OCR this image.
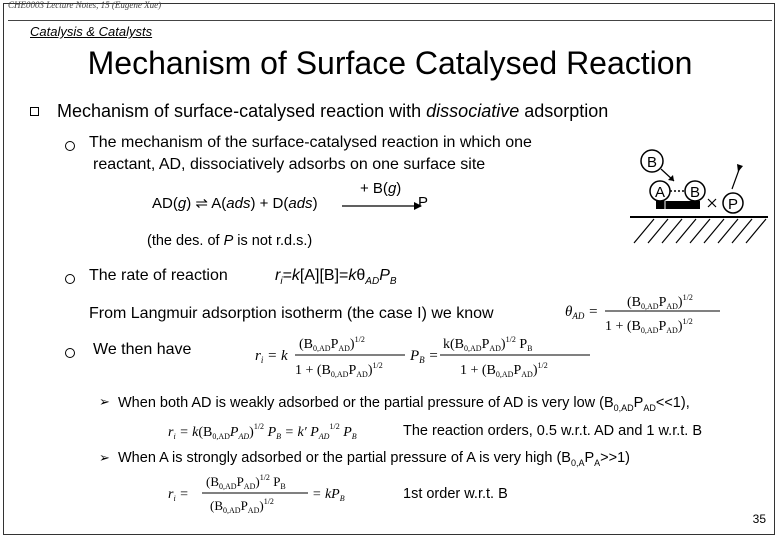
CHE0003 Lecture Notes, 15 (Eugene Xue)
Catalysis & Catalysts
Mechanism of Surface Catalysed Reaction
Mechanism of surface-catalysed reaction with dissociative adsorption
The mechanism of the surface-catalysed reaction in which one
reactant, AD, dissociatively adsorbs on one surface site
AD(g) ⇌ A(ads) + D(ads)
+ B(g)
P
(the des. of P is not r.d.s.)
B
A B
P
The rate of reaction	$r_i=k[A][B]=k\theta_{AD}P_B$
From Langmuir adsorption isotherm (the case I) we know	$\theta_{AD}$ =
$(B_{0,AD}P_{AD})^{1/2}$
$1 + (B_{0,AD}P_{AD})^{1/2}$
We then have	$r_i = k$
$(B_{0,AD}P_{AD})^{1/2}$
$1 + (B_{0,AD}P_{AD})^{1/2}$
$P_B$ =
$k(B_{0,AD}P_{AD})^{1/2}$ $P_B$
$1 + (B_{0,AD}P_{AD})^{1/2}$
➢ When both AD is weakly adsorbed or the partial pressure of AD is very low $(B_{0,AD}P_{AD}<<1)$,
$r_i = k(B_{0,AD}P_{AD})^{1/2}$ $P_B = k'$ $P_{AD}^{1/2}$ $P_B$	The reaction orders, 0.5 w.r.t. AD and 1 w.r.t. B
➢ When A is strongly adsorbed or the partial pressure of A is very high $(B_{0,A}P_A>>1)$
$r_i$ =
$(B_{0,AD}P_{AD})^{1/2}$ $P_B$
$(B_{0,AD}P_{AD})^{1/2}$	= $kP_B$	1st order w.r.t. B
35
